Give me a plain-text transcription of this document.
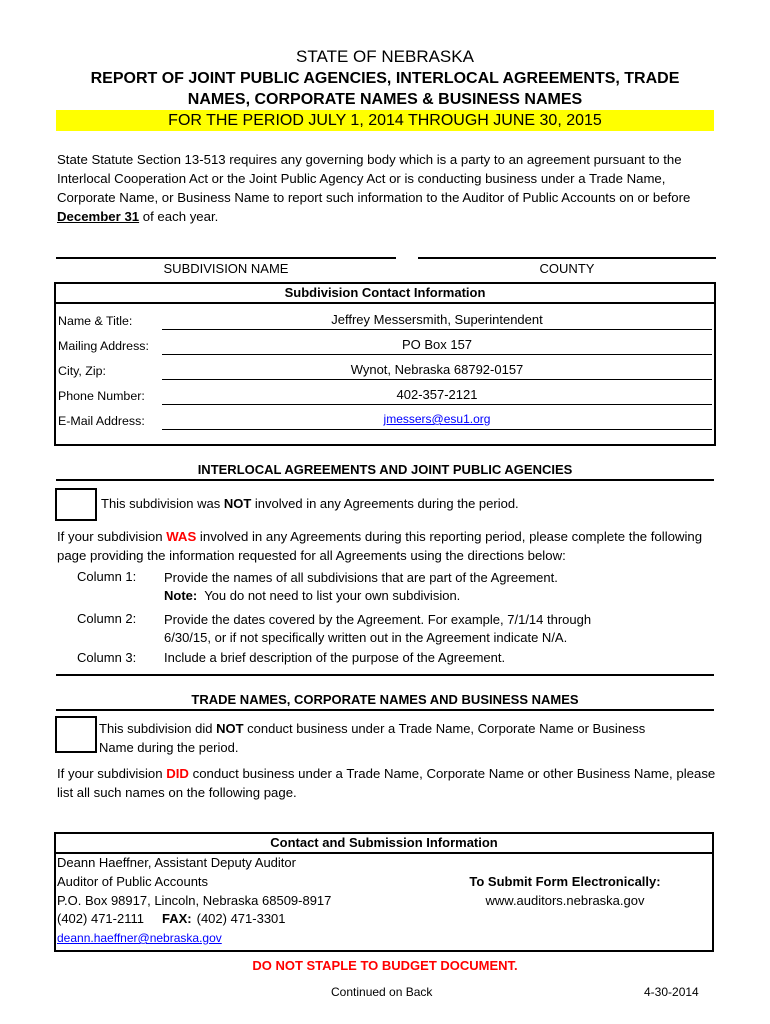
STATE OF NEBRASKA
REPORT OF JOINT PUBLIC AGENCIES, INTERLOCAL AGREEMENTS, TRADE
NAMES, CORPORATE NAMES & BUSINESS NAMES
FOR THE PERIOD JULY 1, 2014 THROUGH JUNE 30, 2015
State Statute Section 13-513 requires any governing body which is a party to an agreement pursuant to the Interlocal Cooperation Act or the Joint Public Agency Act or is conducting business under a Trade Name, Corporate Name, or Business Name to report such information to the Auditor of Public Accounts on or before December 31 of each year.
SUBDIVISION NAME	COUNTY
Subdivision Contact Information
Name & Title:	Jeffrey Messersmith, Superintendent
Mailing Address:	PO Box 157
City, Zip:	Wynot, Nebraska 68792-0157
Phone Number:	402-357-2121
E-Mail Address:	jmessers@esu1.org
INTERLOCAL AGREEMENTS AND JOINT PUBLIC AGENCIES
This subdivision was NOT involved in any Agreements during the period.
If your subdivision WAS involved in any Agreements during this reporting period, please complete the following page providing the information requested for all Agreements using the directions below:
Column 1: Provide the names of all subdivisions that are part of the Agreement.
Note:  You do not need to list your own subdivision.
Column 2: Provide the dates covered by the Agreement. For example, 7/1/14 through
6/30/15, or if not specifically written out in the Agreement indicate N/A.
Column 3: Include a brief description of the purpose of the Agreement.
TRADE NAMES, CORPORATE NAMES AND BUSINESS NAMES
This subdivision did NOT conduct business under a Trade Name, Corporate Name or Business
Name during the period.
If your subdivision DID conduct business under a Trade Name, Corporate Name or other Business Name, please list all such names on the following page.
Contact and Submission Information
Deann Haeffner, Assistant Deputy Auditor
Auditor of Public Accounts
P.O. Box 98917, Lincoln, Nebraska 68509-8917
(402) 471-2111 FAX: (402) 471-3301
deann.haeffner@nebraska.gov
To Submit Form Electronically:
www.auditors.nebraska.gov
DO NOT STAPLE TO BUDGET DOCUMENT.
Continued on Back	4-30-2014
